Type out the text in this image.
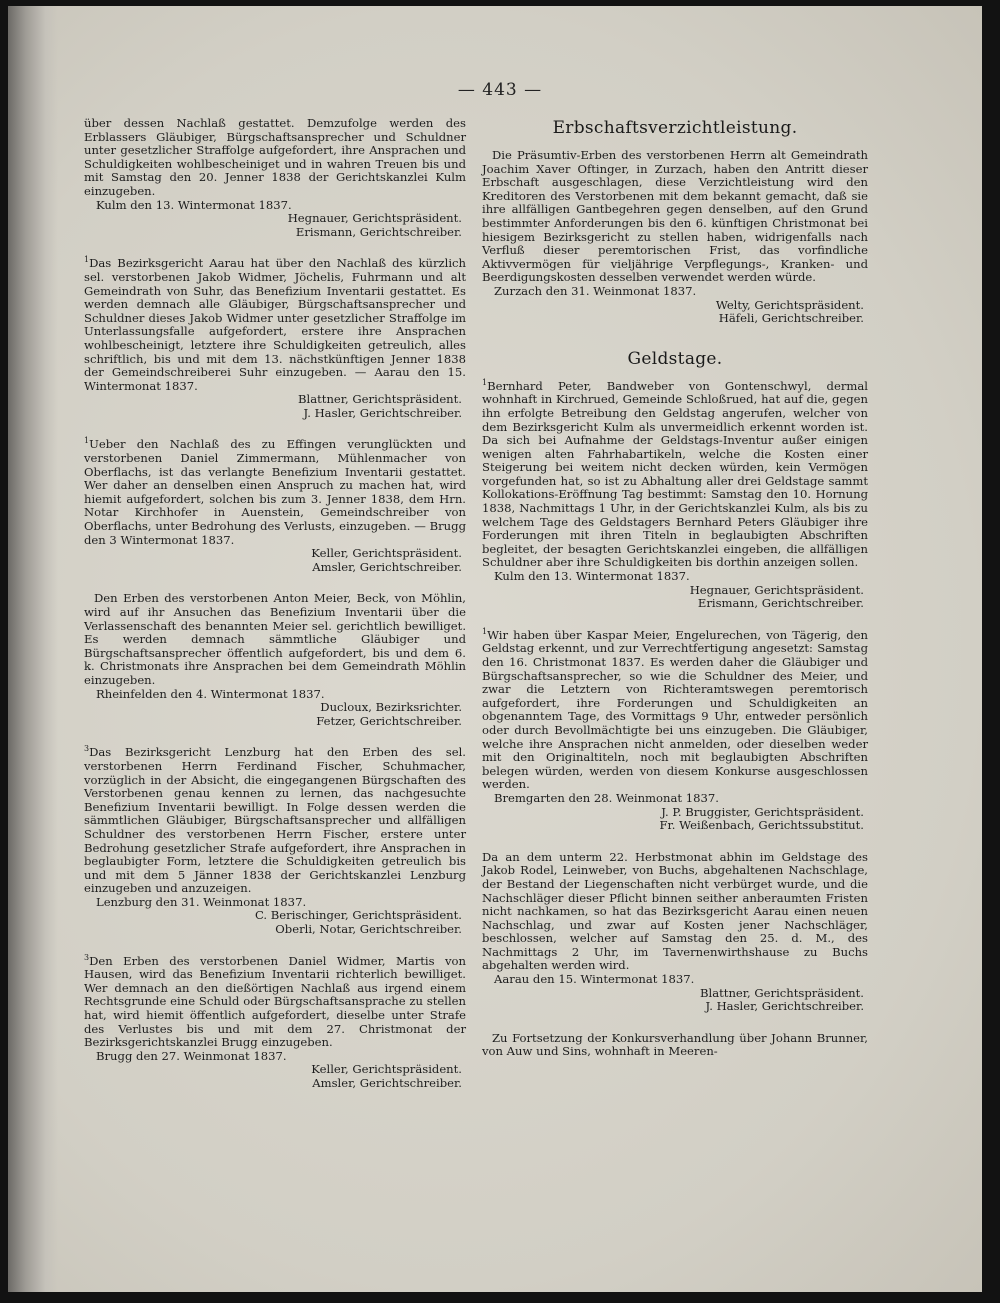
— 443 —

über dessen Nachlaß gestattet. Demzufolge werden des Erblassers Gläubiger, Bürgschaftsansprecher und Schuldner unter gesetzlicher Straffolge aufgefordert, ihre Ansprachen und Schuldigkeiten wohlbescheiniget und in wahren Treuen bis und mit Samstag den 20. Jenner 1838 der Gerichtskanzlei Kulm einzugeben.

Kulm den 13. Wintermonat 1837.

Hegnauer, Gerichtspräsident.

Erismann, Gerichtschreiber.

$^1$Das Bezirksgericht Aarau hat über den Nachlaß des kürzlich sel. verstorbenen Jakob Widmer, Jöchelis, Fuhrmann und alt Gemeindrath von Suhr, das Benefizium Inventarii gestattet. Es werden demnach alle Gläubiger, Bürgschaftsansprecher und Schuldner dieses Jakob Widmer unter gesetzlicher Straffolge im Unterlassungsfalle aufgefordert, erstere ihre Ansprachen wohlbescheinigt, letztere ihre Schuldigkeiten getreulich, alles schriftlich, bis und mit dem 13. nächstkünftigen Jenner 1838 der Gemeindschreiberei Suhr einzugeben. — Aarau den 15. Wintermonat 1837.

Blattner, Gerichtspräsident.

J. Hasler, Gerichtschreiber.

$^1$Ueber den Nachlaß des zu Effingen verunglückten und verstorbenen Daniel Zimmermann, Mühlenmacher von Oberflachs, ist das verlangte Benefizium Inventarii gestattet. Wer daher an denselben einen Anspruch zu machen hat, wird hiemit aufgefordert, solchen bis zum 3. Jenner 1838, dem Hrn. Notar Kirchhofer in Auenstein, Gemeindschreiber von Oberflachs, unter Bedrohung des Verlusts, einzugeben. — Brugg den 3 Wintermonat 1837.

Keller, Gerichtspräsident.

Amsler, Gerichtschreiber.

Den Erben des verstorbenen Anton Meier, Beck, von Möhlin, wird auf ihr Ansuchen das Benefizium Inventarii über die Verlassenschaft des benannten Meier sel. gerichtlich bewilliget. Es werden demnach sämmtliche Gläubiger und Bürgschaftsansprecher öffentlich aufgefordert, bis und dem 6. k. Christmonats ihre Ansprachen bei dem Gemeindrath Möhlin einzugeben.

Rheinfelden den 4. Wintermonat 1837.

Ducloux, Bezirksrichter.

Fetzer, Gerichtschreiber.

$^3$Das Bezirksgericht Lenzburg hat den Erben des sel. verstorbenen Herrn Ferdinand Fischer, Schuhmacher, vorzüglich in der Absicht, die eingegangenen Bürgschaften des Verstorbenen genau kennen zu lernen, das nachgesuchte Benefizium Inventarii bewilligt. In Folge dessen werden die sämmtlichen Gläubiger, Bürgschaftsansprecher und allfälligen Schuldner des verstorbenen Herrn Fischer, erstere unter Bedrohung gesetzlicher Strafe aufgefordert, ihre Ansprachen in beglaubigter Form, letztere die Schuldigkeiten getreulich bis und mit dem 5 Jänner 1838 der Gerichtskanzlei Lenzburg einzugeben und anzuzeigen.

Lenzburg den 31. Weinmonat 1837.

C. Berischinger, Gerichtspräsident.

Oberli, Notar, Gerichtschreiber.

$^3$Den Erben des verstorbenen Daniel Widmer, Martis von Hausen, wird das Benefizium Inventarii richterlich bewilliget. Wer demnach an den dießörtigen Nachlaß aus irgend einem Rechtsgrunde eine Schuld oder Bürgschaftsansprache zu stellen hat, wird hiemit öffentlich aufgefordert, dieselbe unter Strafe des Verlustes bis und mit dem 27. Christmonat der Bezirksgerichtskanzlei Brugg einzugeben.

Brugg den 27. Weinmonat 1837.

Keller, Gerichtspräsident.

Amsler, Gerichtschreiber.

Erbschaftsverzichtleistung.

Die Präsumtiv-Erben des verstorbenen Herrn alt Gemeindrath Joachim Xaver Oftinger, in Zurzach, haben den Antritt dieser Erbschaft ausgeschlagen, diese Verzichtleistung wird den Kreditoren des Verstorbenen mit dem bekannt gemacht, daß sie ihre allfälligen Gantbegehren gegen denselben, auf den Grund bestimmter Anforderungen bis den 6. künftigen Christmonat bei hiesigem Bezirksgericht zu stellen haben, widrigenfalls nach Verfluß dieser peremtorischen Frist, das vorfindliche Aktivvermögen für vieljährige Verpflegungs-, Kranken- und Beerdigungskosten desselben verwendet werden würde.

Zurzach den 31. Weinmonat 1837.

Welty, Gerichtspräsident.

Häfeli, Gerichtschreiber.

Geldstage.

$^1$Bernhard Peter, Bandweber von Gontenschwyl, dermal wohnhaft in Kirchrued, Gemeinde Schloßrued, hat auf die, gegen ihn erfolgte Betreibung den Geldstag angerufen, welcher von dem Bezirksgericht Kulm als unvermeidlich erkennt worden ist. Da sich bei Aufnahme der Geldstags-Inventur außer einigen wenigen alten Fahrhabartikeln, welche die Kosten einer Steigerung bei weitem nicht decken würden, kein Vermögen vorgefunden hat, so ist zu Abhaltung aller drei Geldstage sammt Kollokations-Eröffnung Tag bestimmt: Samstag den 10. Hornung 1838, Nachmittags 1 Uhr, in der Gerichtskanzlei Kulm, als bis zu welchem Tage des Geldstagers Bernhard Peters Gläubiger ihre Forderungen mit ihren Titeln in beglaubigten Abschriften begleitet, der besagten Gerichtskanzlei eingeben, die allfälligen Schuldner aber ihre Schuldigkeiten bis dorthin anzeigen sollen.

Kulm den 13. Wintermonat 1837.

Hegnauer, Gerichtspräsident.

Erismann, Gerichtschreiber.

$^1$Wir haben über Kaspar Meier, Engelurechen, von Tägerig, den Geldstag erkennt, und zur Verrechtfertigung angesetzt: Samstag den 16. Christmonat 1837. Es werden daher die Gläubiger und Bürgschaftsansprecher, so wie die Schuldner des Meier, und zwar die Letztern von Richteramtswegen peremtorisch aufgefordert, ihre Forderungen und Schuldigkeiten an obgenanntem Tage, des Vormittags 9 Uhr, entweder persönlich oder durch Bevollmächtigte bei uns einzugeben. Die Gläubiger, welche ihre Ansprachen nicht anmelden, oder dieselben weder mit den Originaltiteln, noch mit beglaubigten Abschriften belegen würden, werden von diesem Konkurse ausgeschlossen werden.

Bremgarten den 28. Weinmonat 1837.

J. P. Bruggister, Gerichtspräsident.

Fr. Weißenbach, Gerichtssubstitut.

Da an dem unterm 22. Herbstmonat abhin im Geldstage des Jakob Rodel, Leinweber, von Buchs, abgehaltenen Nachschlage, der Bestand der Liegenschaften nicht verbürget wurde, und die Nachschläger dieser Pflicht binnen seither anberaumten Fristen nicht nachkamen, so hat das Bezirksgericht Aarau einen neuen Nachschlag, und zwar auf Kosten jener Nachschläger, beschlossen, welcher auf Samstag den 25. d. M., des Nachmittags 2 Uhr, im Tavernenwirthshause zu Buchs abgehalten werden wird.

Aarau den 15. Wintermonat 1837.

Blattner, Gerichtspräsident.

J. Hasler, Gerichtschreiber.

Zu Fortsetzung der Konkursverhandlung über Johann Brunner, von Auw und Sins, wohnhaft in Meeren-
